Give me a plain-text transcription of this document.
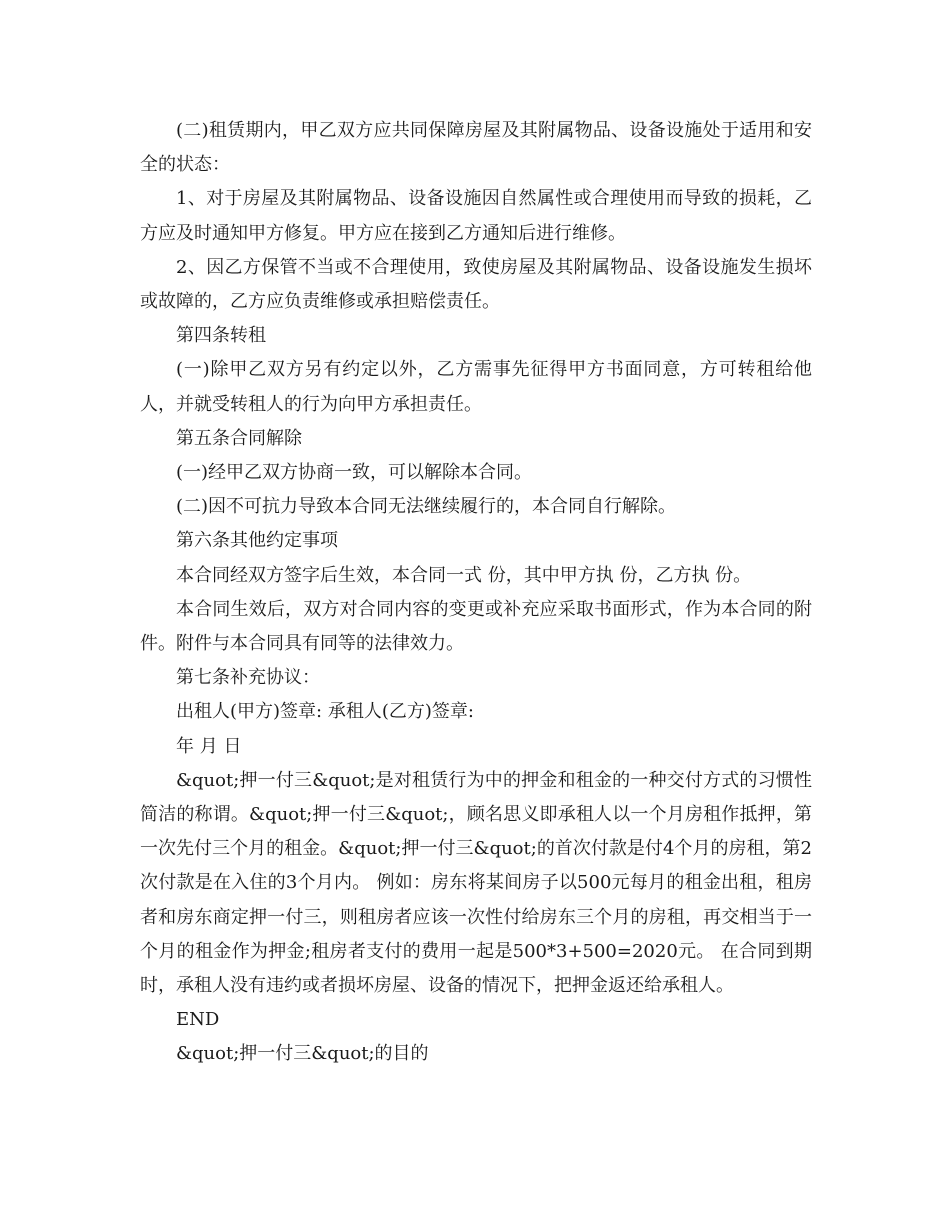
(二)租赁期内，甲乙双方应共同保障房屋及其附属物品、设备设施处于适用和安全的状态：

1、对于房屋及其附属物品、设备设施因自然属性或合理使用而导致的损耗，乙方应及时通知甲方修复。甲方应在接到乙方通知后进行维修。

2、因乙方保管不当或不合理使用，致使房屋及其附属物品、设备设施发生损坏或故障的，乙方应负责维修或承担赔偿责任。

第四条转租

(一)除甲乙双方另有约定以外，乙方需事先征得甲方书面同意，方可转租给他人，并就受转租人的行为向甲方承担责任。

第五条合同解除

(一)经甲乙双方协商一致，可以解除本合同。

(二)因不可抗力导致本合同无法继续履行的，本合同自行解除。

第六条其他约定事项

本合同经双方签字后生效，本合同一式 份，其中甲方执 份，乙方执 份。

本合同生效后，双方对合同内容的变更或补充应采取书面形式，作为本合同的附件。附件与本合同具有同等的法律效力。

第七条补充协议：

出租人(甲方)签章: 承租人(乙方)签章:

年 月 日

&quot;押一付三&quot;是对租赁行为中的押金和租金的一种交付方式的习惯性简洁的称谓。&quot;押一付三&quot;，顾名思义即承租人以一个月房租作抵押，第一次先付三个月的租金。&quot;押一付三&quot;的首次付款是付4个月的房租，第2次付款是在入住的3个月内。 例如：房东将某间房子以500元每月的租金出租，租房者和房东商定押一付三，则租房者应该一次性付给房东三个月的房租，再交相当于一个月的租金作为押金;租房者支付的费用一起是500*3+500=2020元。 在合同到期时，承租人没有违约或者损坏房屋、设备的情况下，把押金返还给承租人。

END

&quot;押一付三&quot;的目的
